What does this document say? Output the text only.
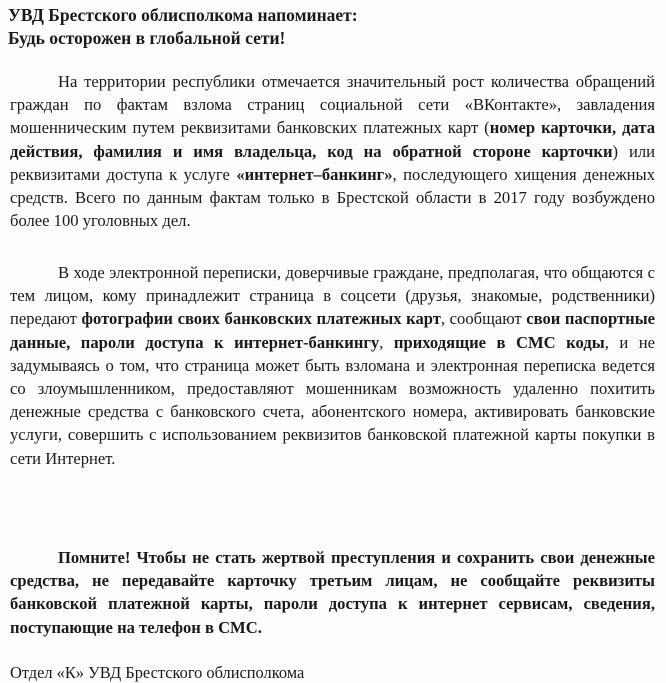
УВД Брестского облисполкома напоминает:
Будь осторожен в глобальной сети!

На территории республики отмечается значительный рост количества обращений граждан по фактам взлома страниц социальной сети «ВКонтакте», завладения мошенническим путем реквизитами банковских платежных карт (номер карточки, дата действия, фамилия и имя владельца, код на обратной стороне карточки) или реквизитами доступа к услуге «интернет–банкинг», последующего хищения денежных средств. Всего по данным фактам только в Брестской области в 2017 году возбуждено более 100 уголовных дел.

В ходе электронной переписки, доверчивые граждане, предполагая, что общаются с тем лицом, кому принадлежит страница в соцсети (друзья, знакомые, родственники) передают фотографии своих банковских платежных карт, сообщают свои паспортные данные, пароли доступа к интернет-банкингу, приходящие в СМС коды, и не задумываясь о том, что страница может быть взломана и электронная переписка ведется со злоумышленником, предоставляют мошенникам возможность удаленно похитить денежные средства с банковского счета, абонентского номера, активировать банковские услуги, совершить с использованием реквизитов банковской платежной карты покупки в сети Интернет.

Помните! Чтобы не стать жертвой преступления и сохранить свои денежные средства, не передавайте карточку третьим лицам, не сообщайте реквизиты банковской платежной карты, пароли доступа к интернет сервисам, сведения, поступающие на телефон в СМС.

Отдел «К» УВД Брестского облисполкома
